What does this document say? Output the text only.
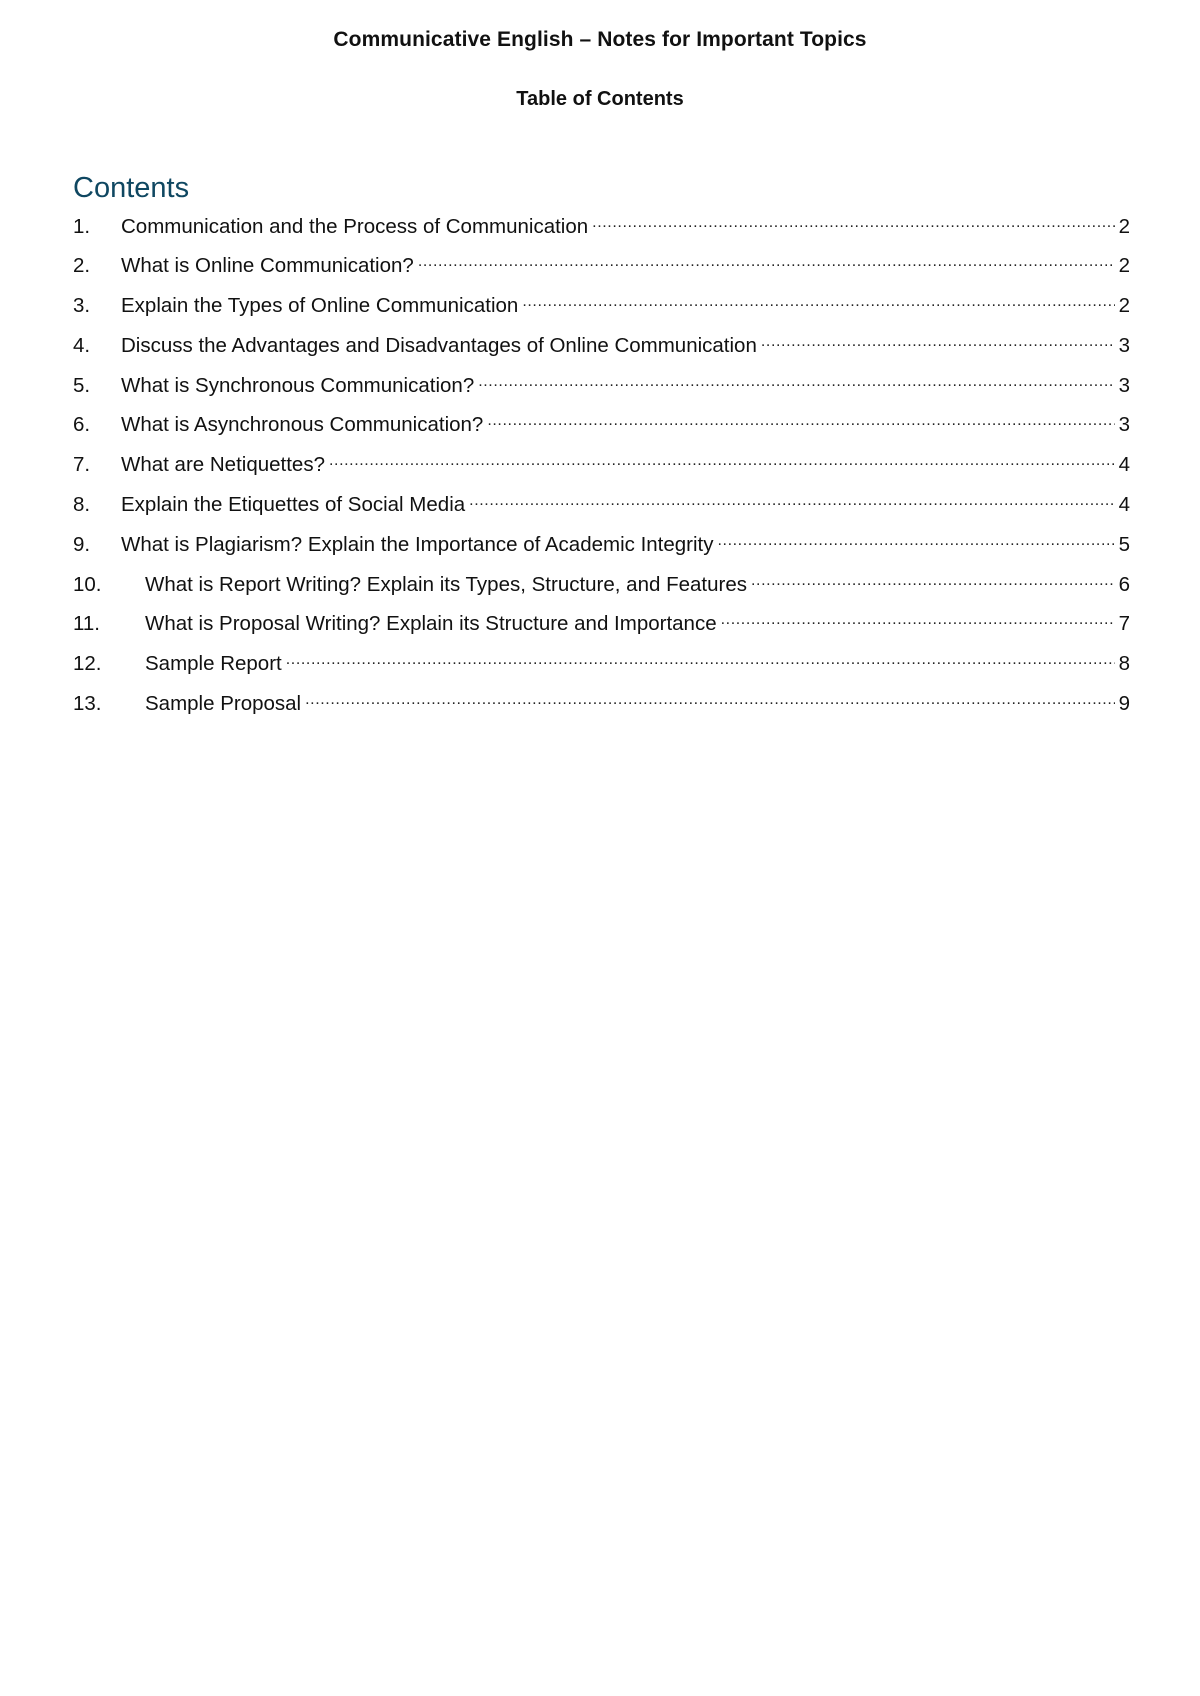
Communicative English – Notes for Important Topics
Table of Contents
Contents
1.	Communication and the Process of Communication .....	2
2.	What is Online Communication? .....	2
3.	Explain the Types of Online Communication .....	2
4.	Discuss the Advantages and Disadvantages of Online Communication .....	3
5.	What is Synchronous Communication? .....	3
6.	What is Asynchronous Communication? .....	3
7.	What are Netiquettes? .....	4
8.	Explain the Etiquettes of Social Media .....	4
9.	What is Plagiarism? Explain the Importance of Academic Integrity .....	5
10.	What is Report Writing? Explain its Types, Structure, and Features .....	6
11.	What is Proposal Writing? Explain its Structure and Importance .....	7
12.	Sample Report .....	8
13.	Sample Proposal .....	9
